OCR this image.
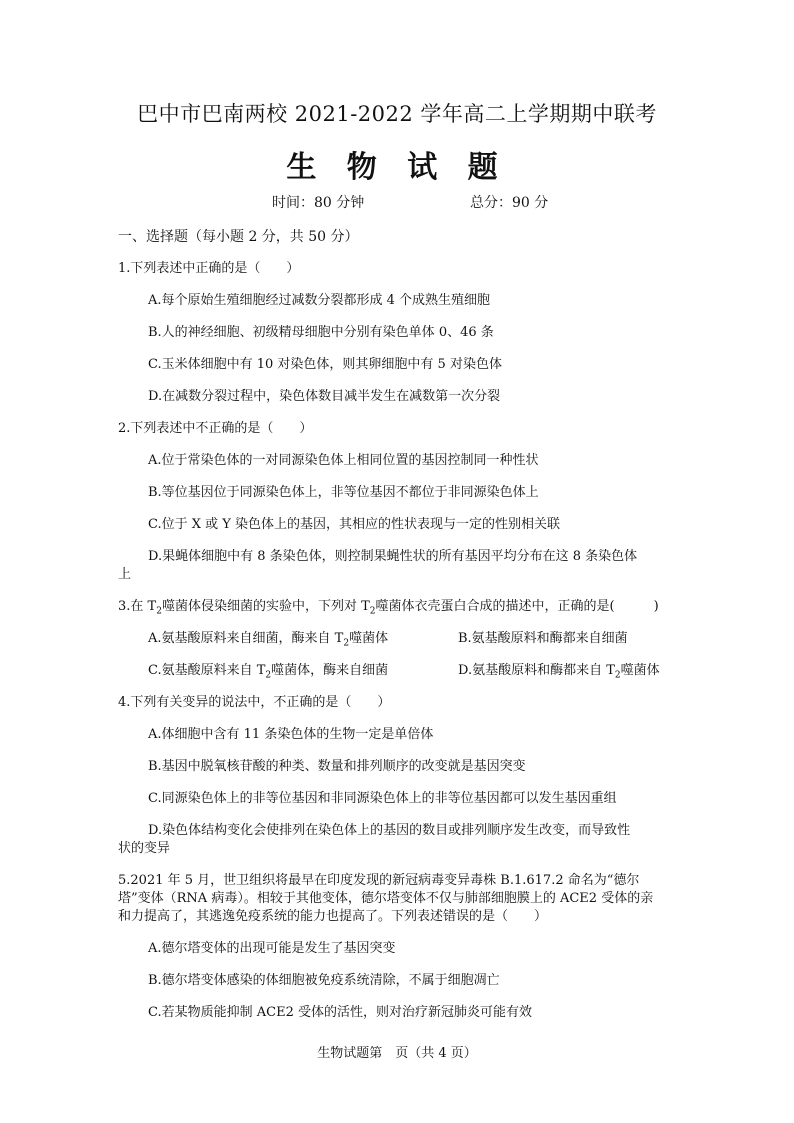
巴中市巴南两校 2021-2022 学年高二上学期期中联考
生 物 试 题
时间：80 分钟	总分：90 分
一、选择题（每小题 2 分，共 50 分）
1.下列表述中正确的是（　　）
A.每个原始生殖细胞经过减数分裂都形成 4 个成熟生殖细胞
B.人的神经细胞、初级精母细胞中分别有染色单体 0、46 条
C.玉米体细胞中有 10 对染色体，则其卵细胞中有 5 对染色体
D.在减数分裂过程中，染色体数目减半发生在减数第一次分裂
2.下列表述中不正确的是（　　）
A.位于常染色体的一对同源染色体上相同位置的基因控制同一种性状
B.等位基因位于同源染色体上，非等位基因不都位于非同源染色体上
C.位于 X 或 Y 染色体上的基因，其相应的性状表现与一定的性别相关联
D.果蝇体细胞中有 8 条染色体，则控制果蝇性状的所有基因平均分布在这 8 条染色体
上
3.在 $T_2$噬菌体侵染细菌的实验中，下列对 $T_2$噬菌体衣壳蛋白合成的描述中，正确的是(　　　)
A.氨基酸原料来自细菌，酶来自 $T_2$噬菌体	B.氨基酸原料和酶都来自细菌
C.氨基酸原料来自 $T_2$噬菌体，酶来自细菌	D.氨基酸原料和酶都来自 $T_2$噬菌体
4.下列有关变异的说法中，不正确的是（　　）
A.体细胞中含有 11 条染色体的生物一定是单倍体
B.基因中脱氧核苷酸的种类、数量和排列顺序的改变就是基因突变
C.同源染色体上的非等位基因和非同源染色体上的非等位基因都可以发生基因重组
D.染色体结构变化会使排列在染色体上的基因的数目或排列顺序发生改变，而导致性
状的变异
5.2021 年 5 月，世卫组织将最早在印度发现的新冠病毒变异毒株 B.1.617.2 命名为“德尔
塔”变体（RNA 病毒）。相较于其他变体，德尔塔变体不仅与肺部细胞膜上的 ACE2 受体的亲
和力提高了，其逃逸免疫系统的能力也提高了。下列表述错误的是（　　）
A.德尔塔变体的出现可能是发生了基因突变
B.德尔塔变体感染的体细胞被免疫系统清除，不属于细胞凋亡
C.若某物质能抑制 ACE2 受体的活性，则对治疗新冠肺炎可能有效
生物试题第　页（共 4 页）
